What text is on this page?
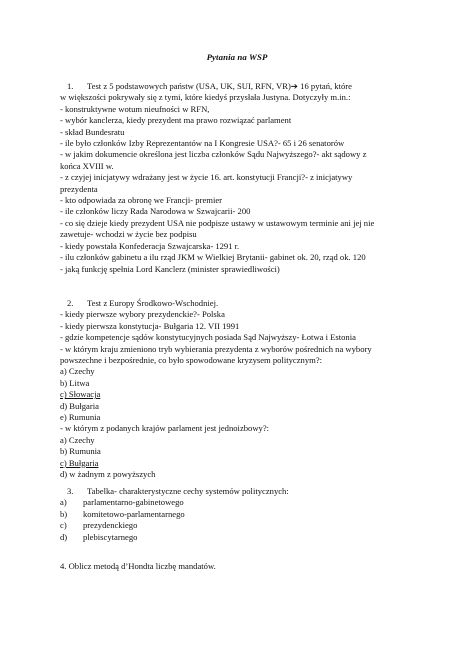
Pytania na WSP
1. Test z 5 podstawowych państw (USA, UK, SUI, RFN, VR)➔ 16 pytań, które
w większości pokrywały się z tymi, które kiedyś przysłała Justyna. Dotyczyły m.in.:
- konstruktywne wotum nieufności w RFN,
- wybór kanclerza, kiedy prezydent ma prawo rozwiązać parlament
- skład Bundesratu
- ile było członków Izby Reprezentantów na I Kongresie USA?- 65 i 26 senatorów
- w jakim dokumencie określona jest liczba członków Sądu Najwyższego?- akt sądowy z
końca XVIII w.
- z czyjej inicjatywy wdrażany jest w życie 16. art. konstytucji Francji?- z inicjatywy
prezydenta
- kto odpowiada za obronę we Francji- premier
- ile członków liczy Rada Narodowa w Szwajcarii- 200
- co się dzieje kiedy prezydent USA nie podpisze ustawy w ustawowym terminie ani jej nie
zawetuje- wchodzi w życie bez podpisu
- kiedy powstała Konfederacja Szwajcarska- 1291 r.
- ilu członków gabinetu a ilu rząd JKM w Wielkiej Brytanii- gabinet ok. 20, rząd ok. 120
- jaką funkcję spełnia Lord Kanclerz (minister sprawiedliwości)
2. Test z Europy Środkowo-Wschodniej.
- kiedy pierwsze wybory prezydenckie?- Polska
- kiedy pierwsza konstytucja- Bułgaria 12. VII 1991
- gdzie kompetencje sądów konstytucyjnych posiada Sąd Najwyższy- Łotwa i Estonia
- w którym kraju zmieniono tryb wybierania prezydenta z wyborów pośrednich na wybory
powszechne i bezpośrednie, co było spowodowane kryzysem politycznym?:
a) Czechy
b) Litwa
c) Słowacja
d) Bułgaria
e) Rumunia
- w którym z podanych krajów parlament jest jednoizbowy?:
a) Czechy
b) Rumunia
c) Bułgaria
d) w żadnym z powyższych
3. Tabelka- charakterystyczne cechy systemów politycznych:
a) parlamentarno-gabinetowego
b) komitetowo-parlamentarnego
c) prezydenckiego
d) plebiscytarnego
4. Oblicz metodą d’Hondta liczbę mandatów.
